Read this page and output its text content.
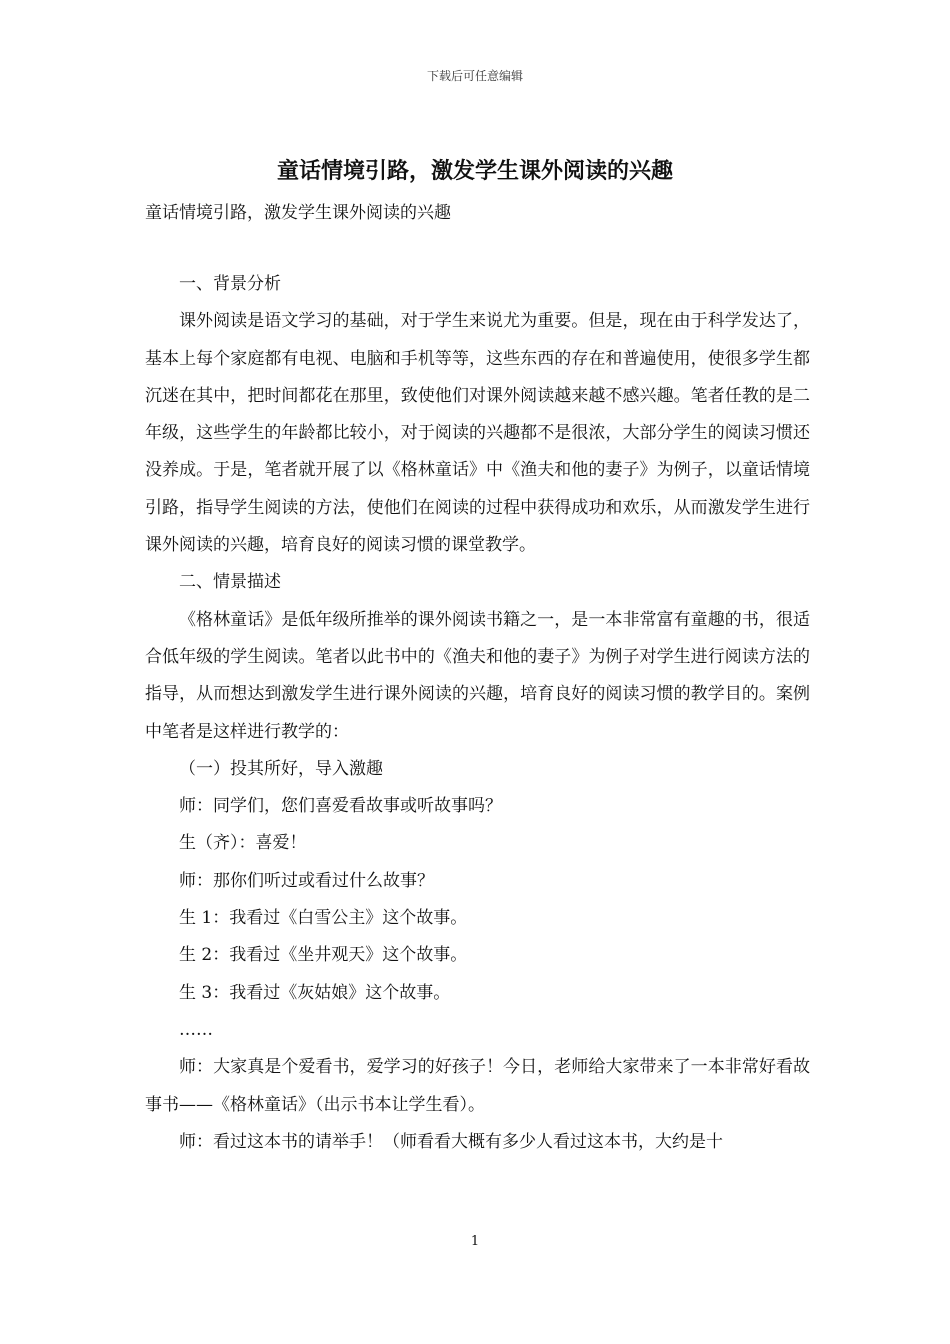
下载后可任意编辑
童话情境引路，激发学生课外阅读的兴趣

童话情境引路，激发学生课外阅读的兴趣

一、背景分析

课外阅读是语文学习的基础，对于学生来说尤为重要。但是，现在由于科学发达了，基本上每个家庭都有电视、电脑和手机等等，这些东西的存在和普遍使用，使很多学生都沉迷在其中，把时间都花在那里，致使他们对课外阅读越来越不感兴趣。笔者任教的是二年级，这些学生的年龄都比较小，对于阅读的兴趣都不是很浓，大部分学生的阅读习惯还没养成。于是，笔者就开展了以《格林童话》中《渔夫和他的妻子》为例子，以童话情境引路，指导学生阅读的方法，使他们在阅读的过程中获得成功和欢乐，从而激发学生进行课外阅读的兴趣，培育良好的阅读习惯的课堂教学。

二、情景描述

《格林童话》是低年级所推举的课外阅读书籍之一，是一本非常富有童趣的书，很适合低年级的学生阅读。笔者以此书中的《渔夫和他的妻子》为例子对学生进行阅读方法的指导，从而想达到激发学生进行课外阅读的兴趣，培育良好的阅读习惯的教学目的。案例中笔者是这样进行教学的：

（一）投其所好，导入激趣

师：同学们，您们喜爱看故事或听故事吗？

生（齐）：喜爱！

师：那你们听过或看过什么故事？

生 1：我看过《白雪公主》这个故事。

生 2：我看过《坐井观天》这个故事。

生 3：我看过《灰姑娘》这个故事。

……

师：大家真是个爱看书，爱学习的好孩子！今日，老师给大家带来了一本非常好看故事书——《格林童话》（出示书本让学生看）。

师：看过这本书的请举手！（师看看大概有多少人看过这本书，大约是十

1
